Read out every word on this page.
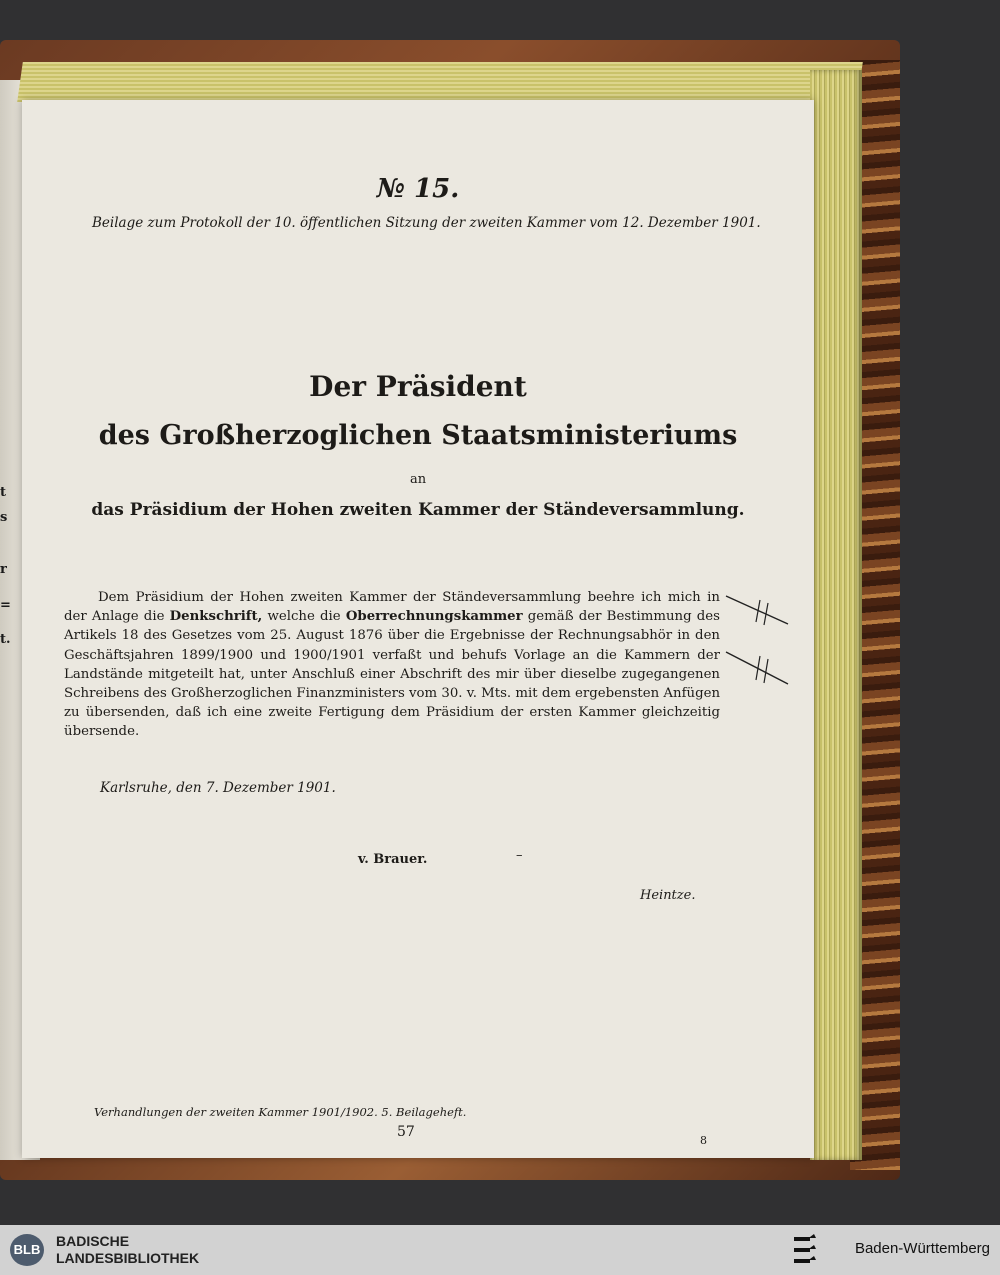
t
s
r
=
t.
№ 15.
Beilage zum Protokoll der 10. öffentlichen Sitzung der zweiten Kammer vom 12. Dezember 1901.
Der Präsident
des Großherzoglichen Staatsministeriums
an
das Präsidium der Hohen zweiten Kammer der Ständeversammlung.
Dem Präsidium der Hohen zweiten Kammer der Ständeversammlung beehre ich mich in der Anlage die Denkschrift, welche die Oberrechnungskammer gemäß der Bestimmung des Artikels 18 des Gesetzes vom 25. August 1876 über die Ergebnisse der Rechnungsabhör in den Geschäftsjahren 1899/1900 und 1900/1901 verfaßt und behufs Vorlage an die Kammern der Landstände mitgeteilt hat, unter Anschluß einer Abschrift des mir über dieselbe zugegangenen Schreibens des Großherzoglichen Finanzministers vom 30. v. Mts. mit dem ergebensten Anfügen zu übersenden, daß ich eine zweite Fertigung dem Präsidium der ersten Kammer gleichzeitig übersende.
Karlsruhe, den 7. Dezember 1901.
v. Brauer.	–
Heintze.
Verhandlungen der zweiten Kammer 1901/1902. 5. Beilageheft.
57
8
BLB
BADISCHE
LANDESBIBLIOTHEK
Baden-Württemberg
